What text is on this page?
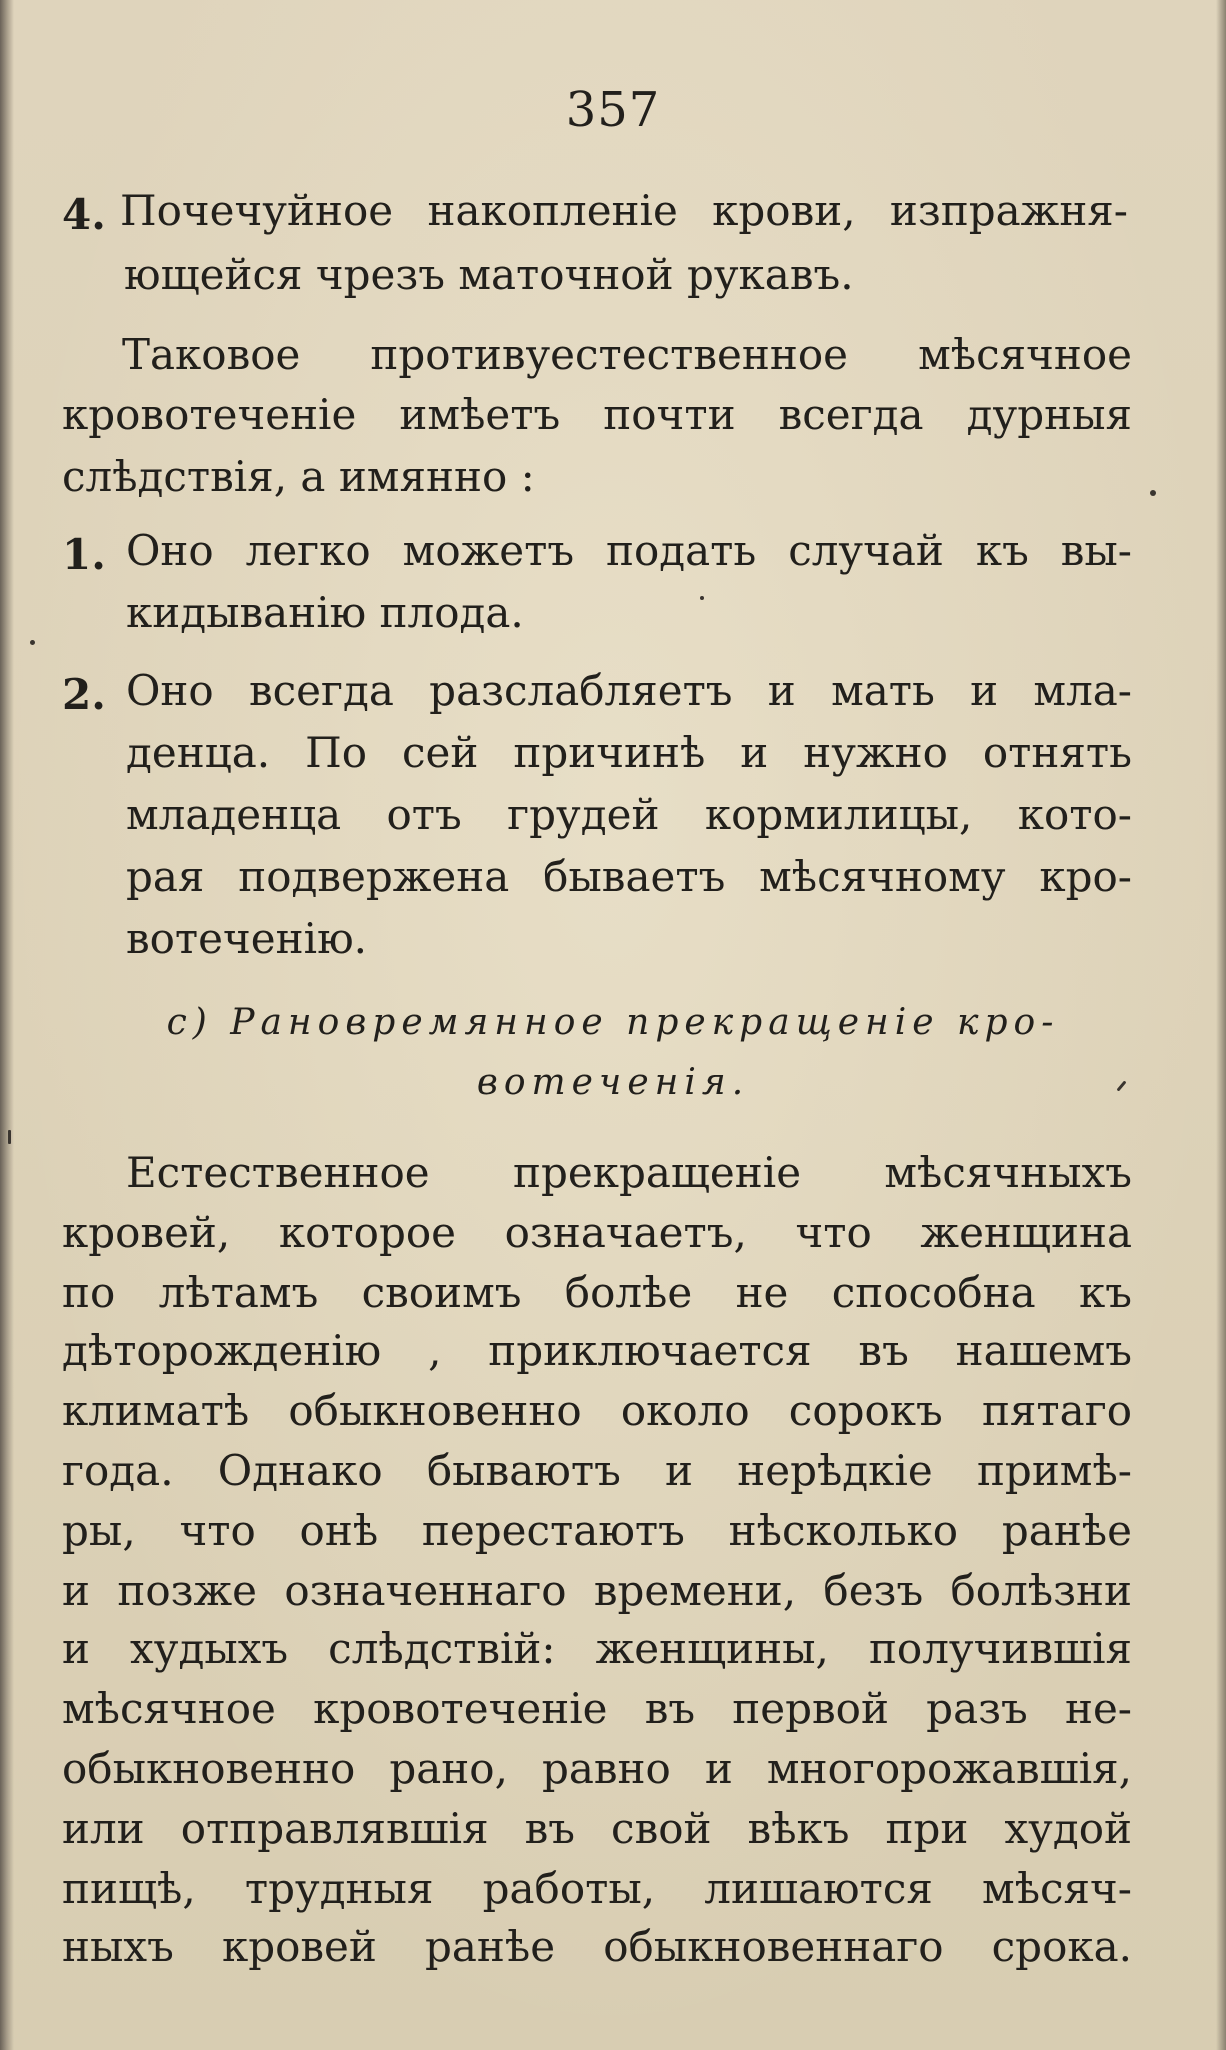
357
4. Почечуйное накопленіе крови, изпражня-
ющейся чрезъ маточной рукавъ.
Таковое противуестественное мѣсячное
кровотеченіе имѣетъ почти всегда дурныя
слѣдствія, а имянно :
1. Оно легко можетъ подать случай къ вы-
кидыванію плода.
2. Оно всегда разслабляетъ и мать и мла-
денца. По сей причинѣ и нужно отнять
младенца отъ грудей кормилицы, кото-
рая подвержена бываетъ мѣсячному кро-
вотеченію.
c) Рановремянное прекращеніе кро-
вотеченія.
Естественное прекращеніе мѣсячныхъ
кровей, которое означаетъ, что женщина
по лѣтамъ своимъ болѣе не способна къ
дѣторожденію , приключается въ нашемъ
климатѣ обыкновенно около сорокъ пятаго
года. Однако бываютъ и нерѣдкіе примѣ-
ры, что онѣ перестаютъ нѣсколько ранѣе
и позже означеннаго времени, безъ болѣзни
и худыхъ слѣдствій: женщины, получившія
мѣсячное кровотеченіе въ первой разъ не-
обыкновенно рано, равно и многорожавшія,
или отправлявшія въ свой вѣкъ при худой
пищѣ, трудныя работы, лишаются мѣсяч-
ныхъ кровей ранѣе обыкновеннаго срока.
